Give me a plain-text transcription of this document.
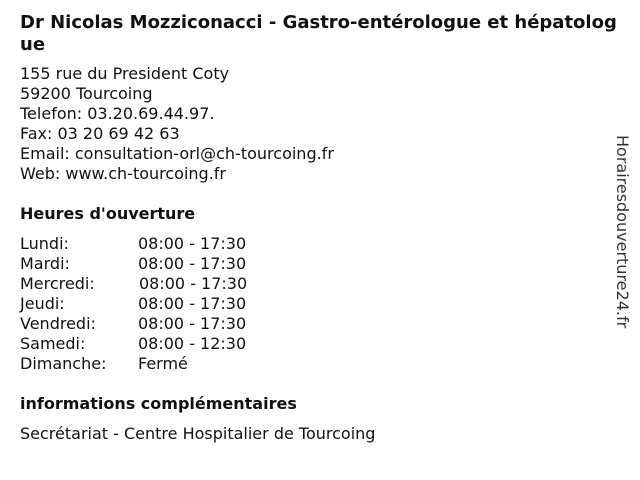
Dr Nicolas Mozziconacci - Gastro-entérologue et hépatologue
155 rue du President Coty
59200 Tourcoing
Telefon: 03.20.69.44.97.
Fax: 03 20 69 42 63
Email: consultation-orl@ch-tourcoing.fr
Web: www.ch-tourcoing.fr
Heures d'ouverture
Lundi:	08:00 - 17:30
Mardi:	08:00 - 17:30
Mercredi:	08:00 - 17:30
Jeudi:	08:00 - 17:30
Vendredi:	08:00 - 17:30
Samedi:	08:00 - 12:30
Dimanche: Fermé
informations complémentaires
Secrétariat - Centre Hospitalier de Tourcoing
Horairesdouverture24.fr
